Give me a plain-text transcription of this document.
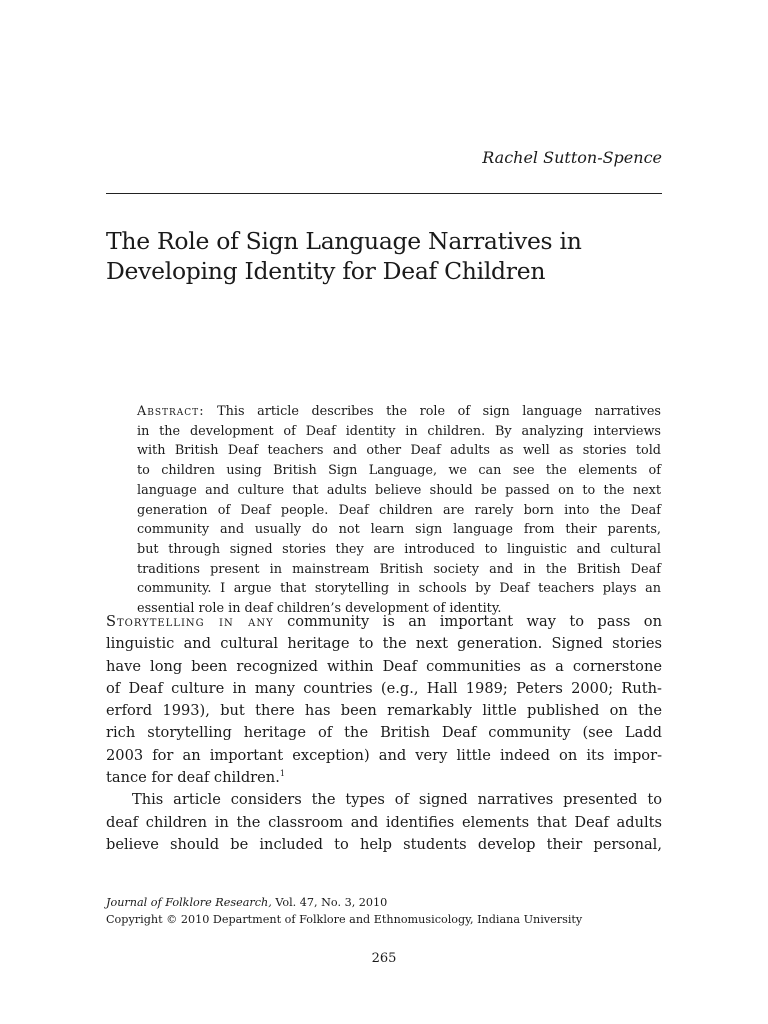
Rachel Sutton-Spence
The Role of Sign Language Narratives in
Developing Identity for Deaf Children
Abstract: This article describes the role of sign language narratives
in the development of Deaf identity in children. By analyzing interviews
with British Deaf teachers and other Deaf adults as well as stories told
to children using British Sign Language, we can see the elements of
language and culture that adults believe should be passed on to the next
generation of Deaf people. Deaf children are rarely born into the Deaf
community and usually do not learn sign language from their parents,
but through signed stories they are introduced to linguistic and cultural
traditions present in mainstream British society and in the British Deaf
community. I argue that storytelling in schools by Deaf teachers plays an
essential role in deaf children’s development of identity.
Storytelling in any community is an important way to pass on
linguistic and cultural heritage to the next generation. Signed stories
have long been recognized within Deaf communities as a cornerstone
of Deaf culture in many countries (e.g., Hall 1989; Peters 2000; Ruth-
erford 1993), but there has been remarkably little published on the
rich storytelling heritage of the British Deaf community (see Ladd
2003 for an important exception) and very little indeed on its impor-
tance for deaf children.$^1$
This article considers the types of signed narratives presented to
deaf children in the classroom and identifies elements that Deaf adults
believe should be included to help students develop their personal,
Journal of Folklore Research, Vol. 47, No. 3, 2010
Copyright © 2010 Department of Folklore and Ethnomusicology, Indiana University
265
